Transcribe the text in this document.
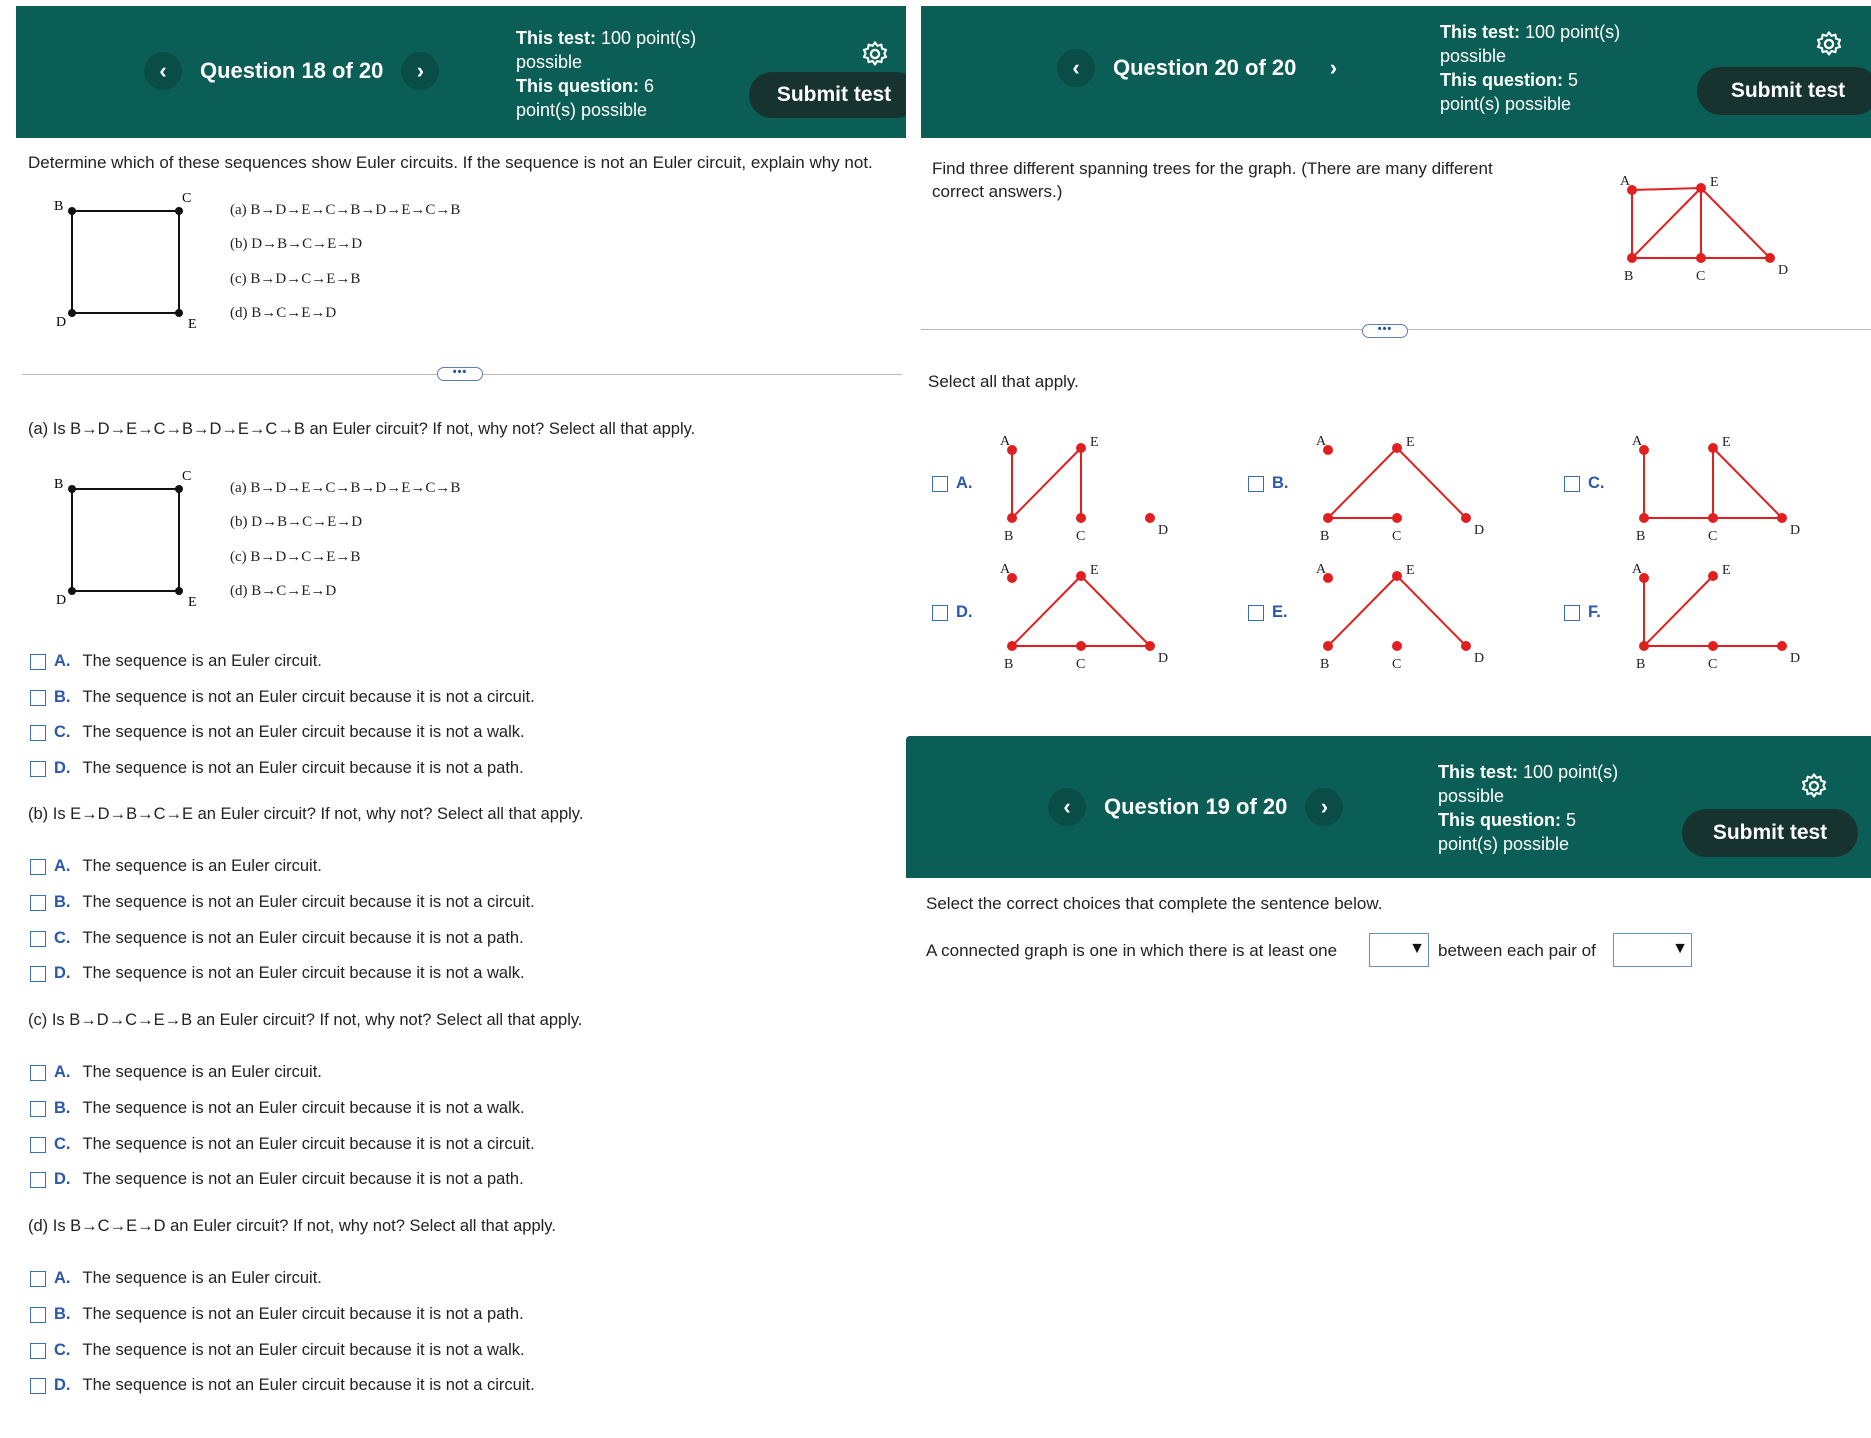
‹ Question 18 of 20 ›
This test: 100 point(s)
possible
This question: 6
point(s) possible
Submit test
Determine which of these sequences show Euler circuits. If the sequence is not an Euler circuit, explain why not.
B
C
D	E
(a) B→D→E→C→B→D→E→C→B
(b) D→B→C→E→D
(c) B→D→C→E→B
(d) B→C→E→D
•••
(a) Is B→D→E→C→B→D→E→C→B an Euler circuit? If not, why not? Select all that apply.
B
C
D	E
(a) B→D→E→C→B→D→E→C→B
(b) D→B→C→E→D
(c) B→D→C→E→B
(d) B→C→E→D
A. The sequence is an Euler circuit.
B. The sequence is not an Euler circuit because it is not a circuit.
C. The sequence is not an Euler circuit because it is not a walk.
D. The sequence is not an Euler circuit because it is not a path.
(b) Is E→D→B→C→E an Euler circuit? If not, why not? Select all that apply.
A. The sequence is an Euler circuit.
B. The sequence is not an Euler circuit because it is not a circuit.
C. The sequence is not an Euler circuit because it is not a path.
D. The sequence is not an Euler circuit because it is not a walk.
(c) Is B→D→C→E→B an Euler circuit? If not, why not? Select all that apply.
A. The sequence is an Euler circuit.
B. The sequence is not an Euler circuit because it is not a walk.
C. The sequence is not an Euler circuit because it is not a circuit.
D. The sequence is not an Euler circuit because it is not a path.
(d) Is B→C→E→D an Euler circuit? If not, why not? Select all that apply.
A. The sequence is an Euler circuit.
B. The sequence is not an Euler circuit because it is not a path.
C. The sequence is not an Euler circuit because it is not a walk.
D. The sequence is not an Euler circuit because it is not a circuit.
‹ Question 20 of 20 ›
This test: 100 point(s)
possible
This question: 5
point(s) possible
Submit test
Find three different spanning trees for the graph. (There are many different
correct answers.)
A	E
B	C	D
•••
Select all that apply.
A.
A	E
B	C	D
B.
A	E
B	C	D
C.
A	E
B	C	D
D.
A	E
B	C	D
E.
A	E
B	C	D
F.
A	E
B	C	D
‹ Question 19 of 20 ›
This test: 100 point(s)
possible
This question: 5
point(s) possible	Submit test
Select the correct choices that complete the sentence below.
A connected graph is one in which there is at least one	▼ between each pair of	▼
